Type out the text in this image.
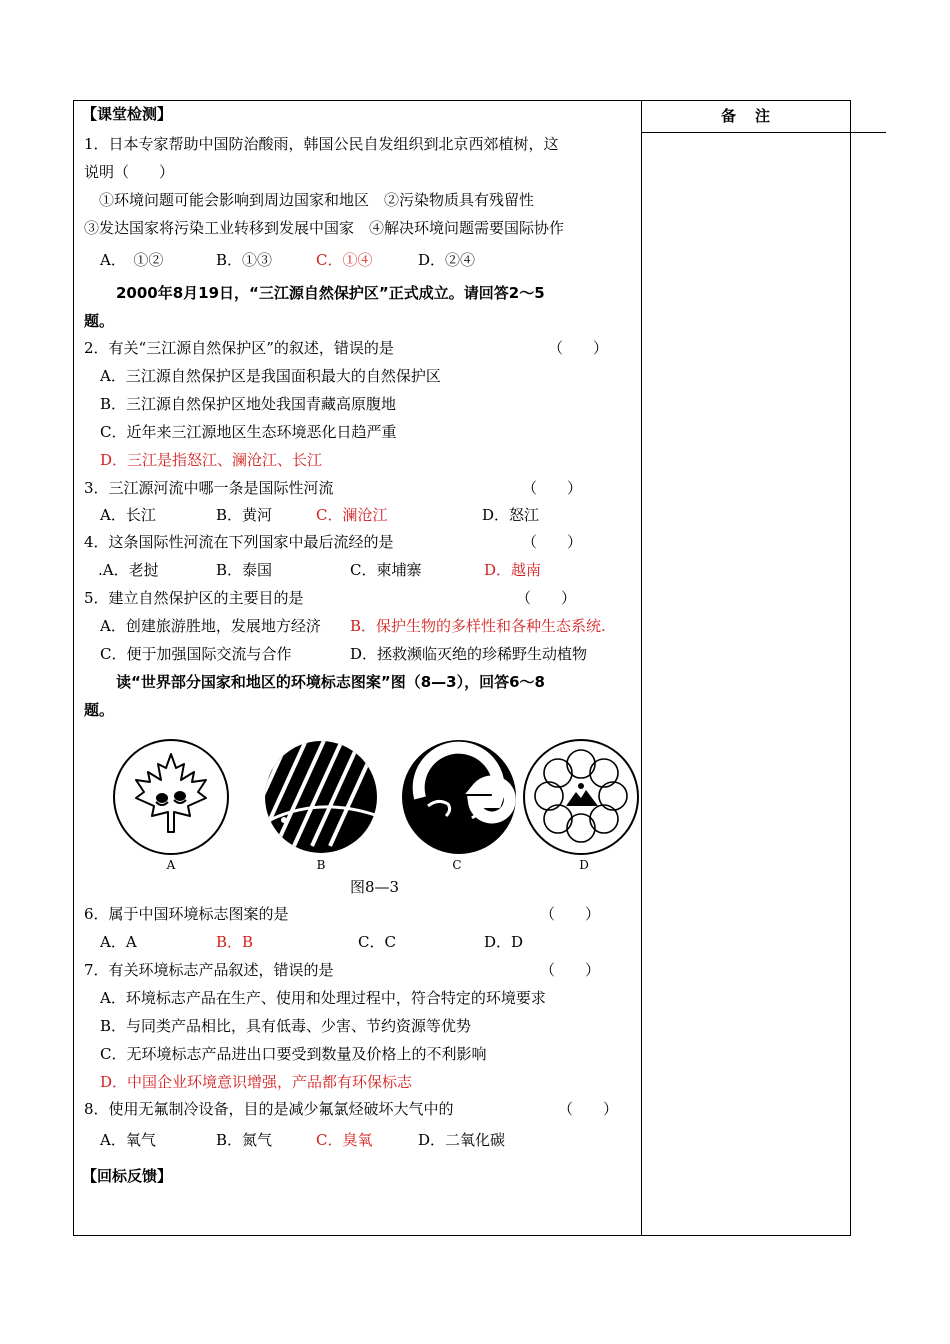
备　注
【课堂检测】
1．日本专家帮助中国防治酸雨，韩国公民自发组织到北京西郊植树，这
说明（　　）
　①环境问题可能会影响到周边国家和地区　②污染物质具有残留性
③发达国家将污染工业转移到发展中国家　④解决环境问题需要国际协作
A．　①②	B．①③	C．①④	D．②④
2000年8月19日，“三江源自然保护区”正式成立。请回答2～5
题。
2．有关“三江源自然保护区”的叙述，错误的是	（　　）
A．三江源自然保护区是我国面积最大的自然保护区
B．三江源自然保护区地处我国青藏高原腹地
C．近年来三江源地区生态环境恶化日趋严重
D．三江是指怒江、澜沧江、长江
3．三江源河流中哪一条是国际性河流	（　　）
A．长江	B．黄河	C．澜沧江	D．怒江
4．这条国际性河流在下列国家中最后流经的是	（　　）
.A．老挝	B．泰国	C．柬埔寨	D．越南
5．建立自然保护区的主要目的是	（　　）
A．创建旅游胜地，发展地方经济 B．保护生物的多样性和各种生态系统.
C．便于加强国际交流与合作	D．拯救濒临灭绝的珍稀野生动植物
读“世界部分国家和地区的环境标志图案”图（8—3），回答6～8
题。
A	B	C	D
图8—3
6．属于中国环境标志图案的是	（　　）
A．A	B．B	C．C	D．D
7．有关环境标志产品叙述，错误的是	（　　）
A．环境标志产品在生产、使用和处理过程中，符合特定的环境要求
B．与同类产品相比，具有低毒、少害、节约资源等优势
C．无环境标志产品进出口要受到数量及价格上的不利影响
D．中国企业环境意识增强，产品都有环保标志
8．使用无氟制冷设备，目的是减少氟氯烃破坏大气中的	（　　）
A．氧气	B．氮气	C．臭氧	D．二氧化碳
【回标反馈】
